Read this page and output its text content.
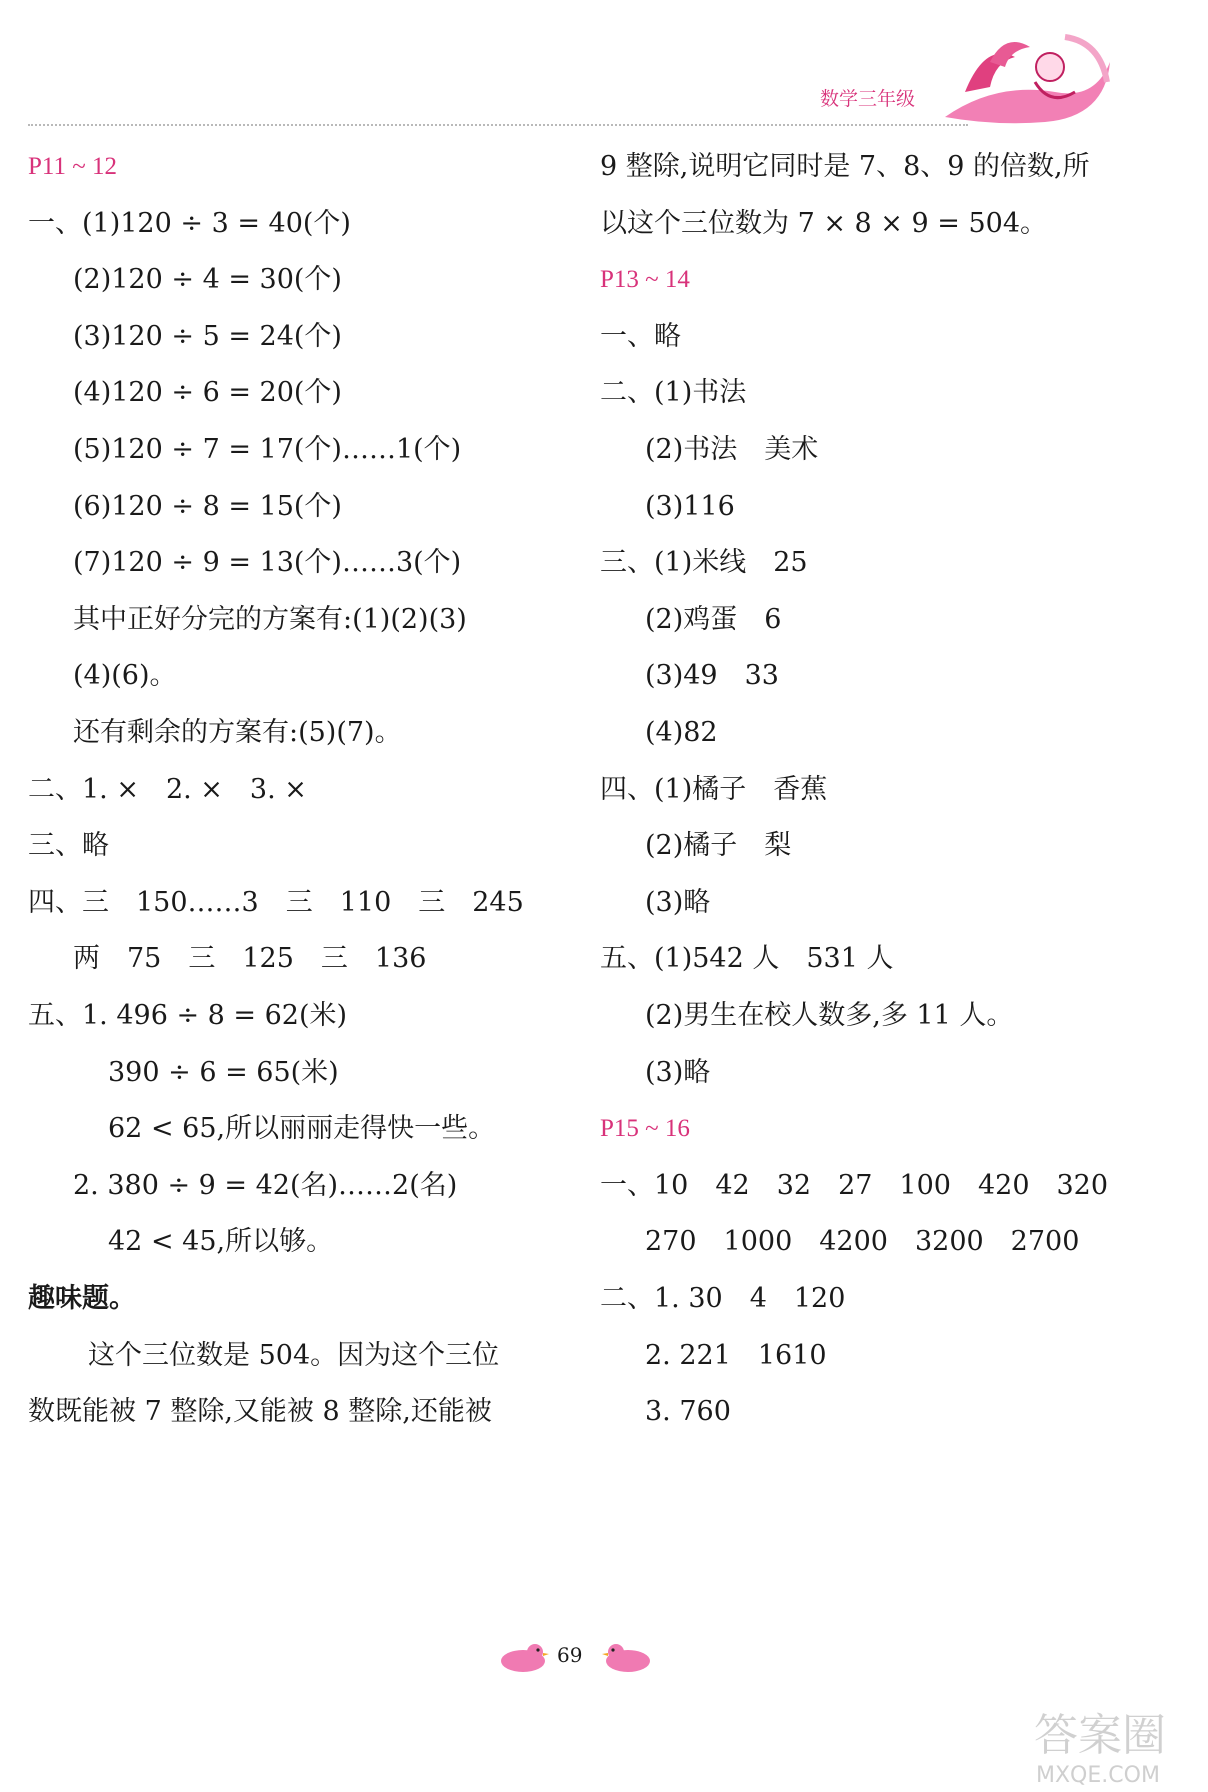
数学三年级
P11 ~ 12
一、(1)120 ÷ 3 = 40(个)
(2)120 ÷ 4 = 30(个)
(3)120 ÷ 5 = 24(个)
(4)120 ÷ 6 = 20(个)
(5)120 ÷ 7 = 17(个)……1(个)
(6)120 ÷ 8 = 15(个)
(7)120 ÷ 9 = 13(个)……3(个)
其中正好分完的方案有:(1)(2)(3)
(4)(6)。
还有剩余的方案有:(5)(7)。
二、1. ×　2. ×　3. ×
三、略
四、三　150……3　三　110　三　245
两　75　三　125　三　136
五、1. 496 ÷ 8 = 62(米)
390 ÷ 6 = 65(米)
62 < 65,所以丽丽走得快一些。
2. 380 ÷ 9 = 42(名)……2(名)
42 < 45,所以够。
趣味题。
这个三位数是 504。因为这个三位
数既能被 7 整除,又能被 8 整除,还能被
9 整除,说明它同时是 7、8、9 的倍数,所
以这个三位数为 7 × 8 × 9 = 504。
P13 ~ 14
一、略
二、(1)书法
(2)书法　美术
(3)116
三、(1)米线　25
(2)鸡蛋　6
(3)49　33
(4)82
四、(1)橘子　香蕉
(2)橘子　梨
(3)略
五、(1)542 人　531 人
(2)男生在校人数多,多 11 人。
(3)略
P15 ~ 16
一、10　42　32　27　100　420　320
270　1000　4200　3200　2700
二、1. 30　4　120
2. 221　1610
3. 760
69
答案圈
MXQE.COM
